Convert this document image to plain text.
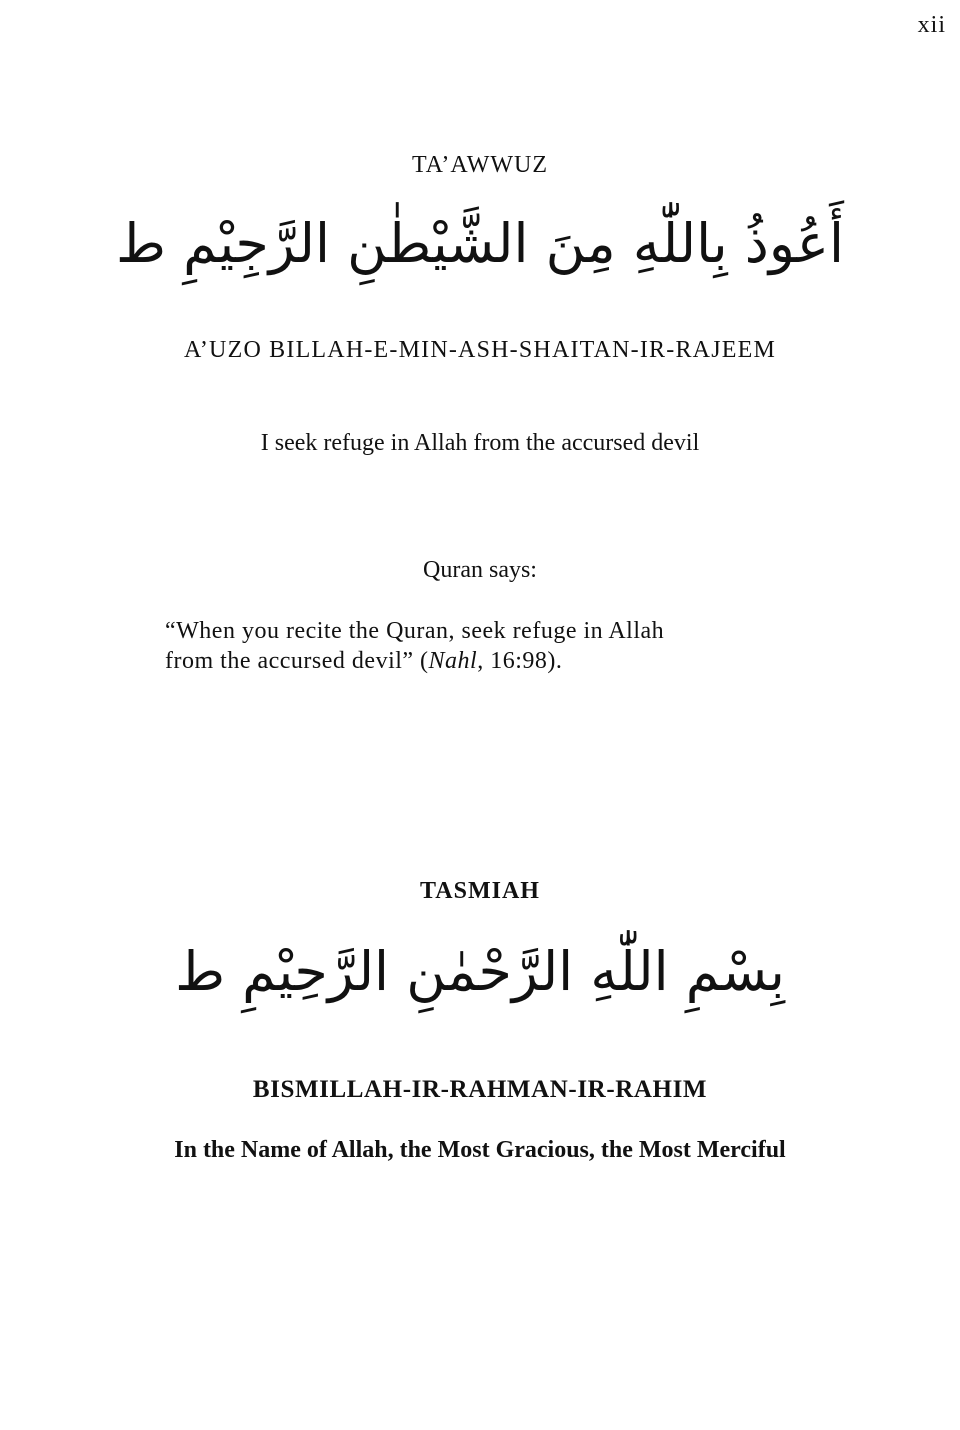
xii
TA’AWWUZ
أَعُوذُ بِاللّٰهِ مِنَ الشَّيْطٰنِ الرَّجِيْمِ ط
A’UZO BILLAH-E-MIN-ASH-SHAITAN-IR-RAJEEM
I seek refuge in Allah from the accursed devil
Quran says:
“When you recite the Quran, seek refuge in Allah
from the accursed devil” (Nahl, 16:98).
TASMIAH
بِسْمِ اللّٰهِ الرَّحْمٰنِ الرَّحِيْمِ ط
BISMILLAH-IR-RAHMAN-IR-RAHIM
In the Name of Allah, the Most Gracious, the Most Merciful
